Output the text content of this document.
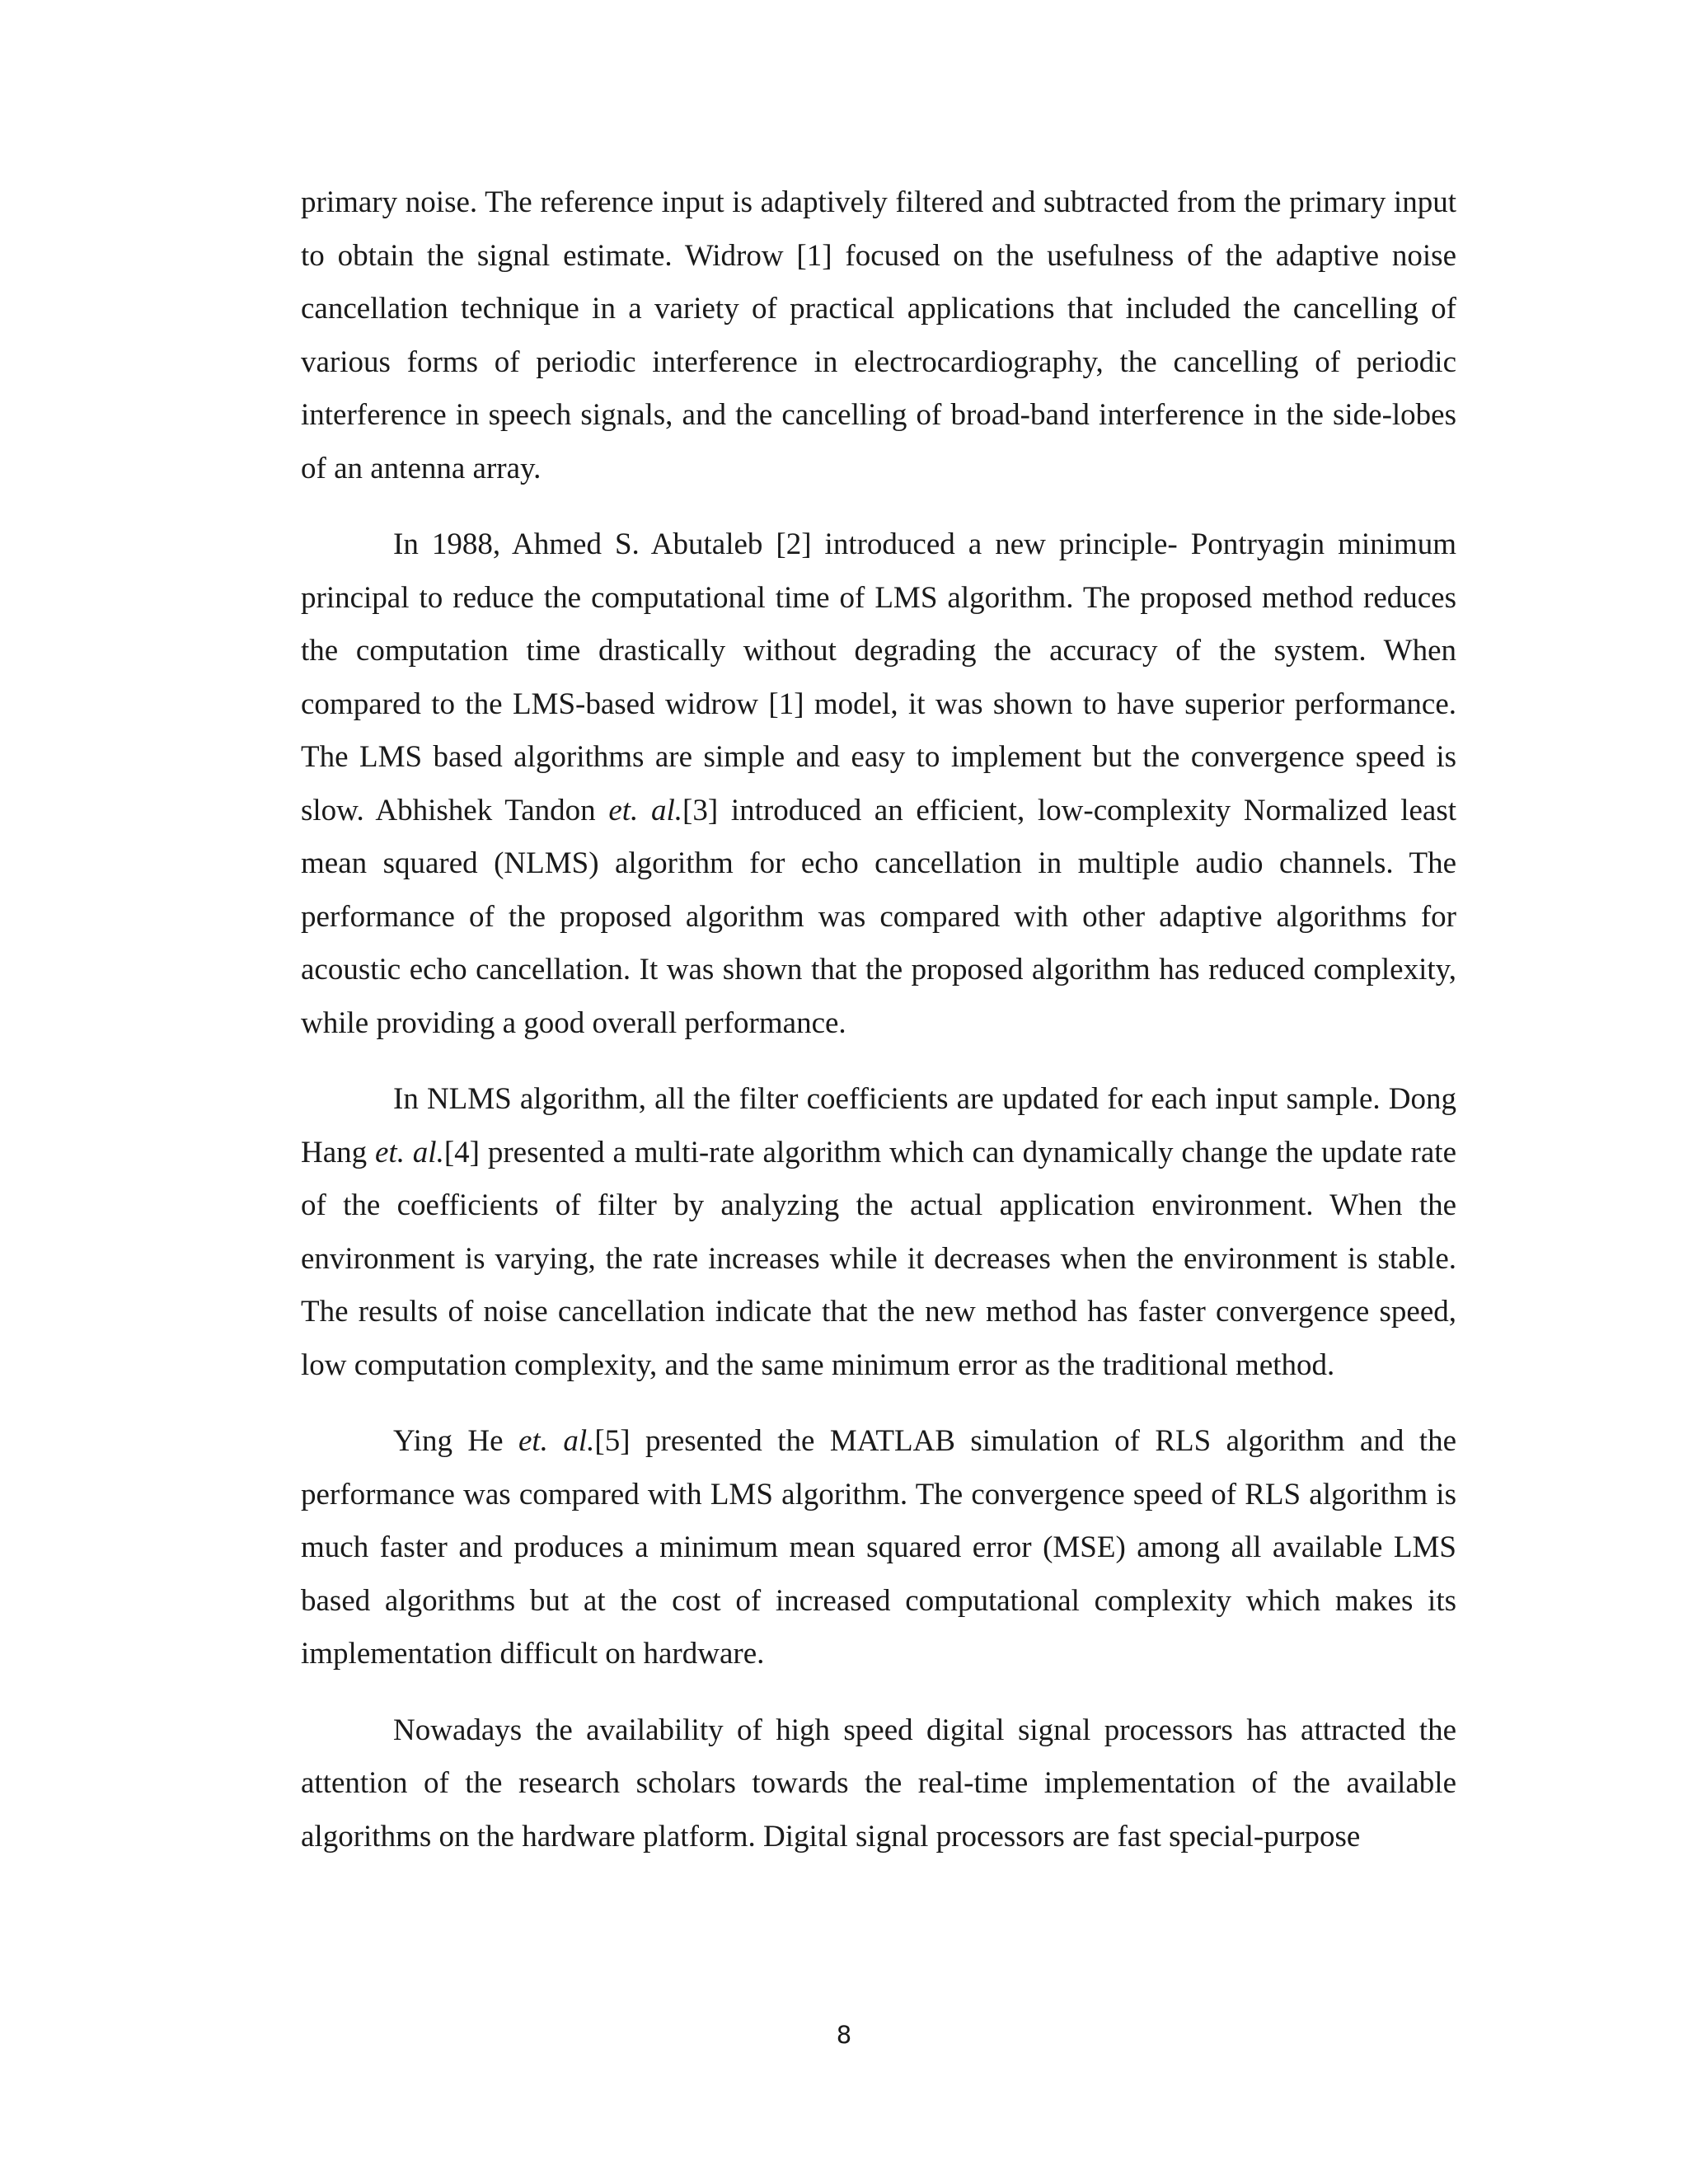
primary noise. The reference input is adaptively filtered and subtracted from the primary input to obtain the signal estimate. Widrow [1] focused on the usefulness of the adaptive noise cancellation technique in a variety of practical applications that included the cancelling of various forms of periodic interference in electrocardiography, the cancelling of periodic interference in speech signals, and the cancelling of broad-band interference in the side-lobes of an antenna array.

In 1988, Ahmed S. Abutaleb [2] introduced a new principle- Pontryagin minimum principal to reduce the computational time of LMS algorithm. The proposed method reduces the computation time drastically without degrading the accuracy of the system. When compared to the LMS-based widrow [1] model, it was shown to have superior performance. The LMS based algorithms are simple and easy to implement but the convergence speed is slow. Abhishek Tandon et. al.[3] introduced an efficient, low-complexity Normalized least mean squared (NLMS) algorithm for echo cancellation in multiple audio channels. The performance of the proposed algorithm was compared with other adaptive algorithms for acoustic echo cancellation. It was shown that the proposed algorithm has reduced complexity, while providing a good overall performance.

In NLMS algorithm, all the filter coefficients are updated for each input sample. Dong Hang et. al.[4] presented a multi-rate algorithm which can dynamically change the update rate of the coefficients of filter by analyzing the actual application environment. When the environment is varying, the rate increases while it decreases when the environment is stable. The results of noise cancellation indicate that the new method has faster convergence speed, low computation complexity, and the same minimum error as the traditional method.

Ying He et. al.[5] presented the MATLAB simulation of RLS algorithm and the performance was compared with LMS algorithm. The convergence speed of RLS algorithm is much faster and produces a minimum mean squared error (MSE) among all available LMS based algorithms but at the cost of increased computational complexity which makes its implementation difficult on hardware.

Nowadays the availability of high speed digital signal processors has attracted the attention of the research scholars towards the real-time implementation of the available algorithms on the hardware platform. Digital signal processors are fast special-purpose

8
